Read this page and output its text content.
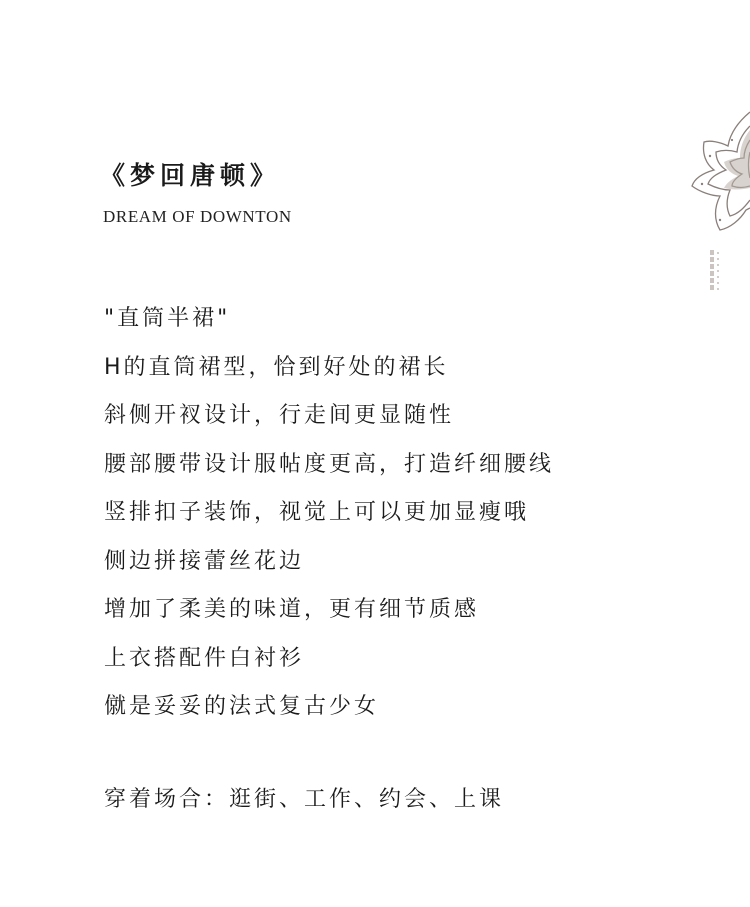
《梦回唐顿》
DREAM OF DOWNTON
"直筒半裙"
H的直筒裙型，恰到好处的裙长
斜侧开衩设计，行走间更显随性
腰部腰带设计服帖度更高，打造纤细腰线
竖排扣子装饰，视觉上可以更加显瘦哦
侧边拼接蕾丝花边
增加了柔美的味道，更有细节质感
上衣搭配件白衬衫
僦是妥妥的法式复古少女
穿着场合：逛街、工作、约会、上课
